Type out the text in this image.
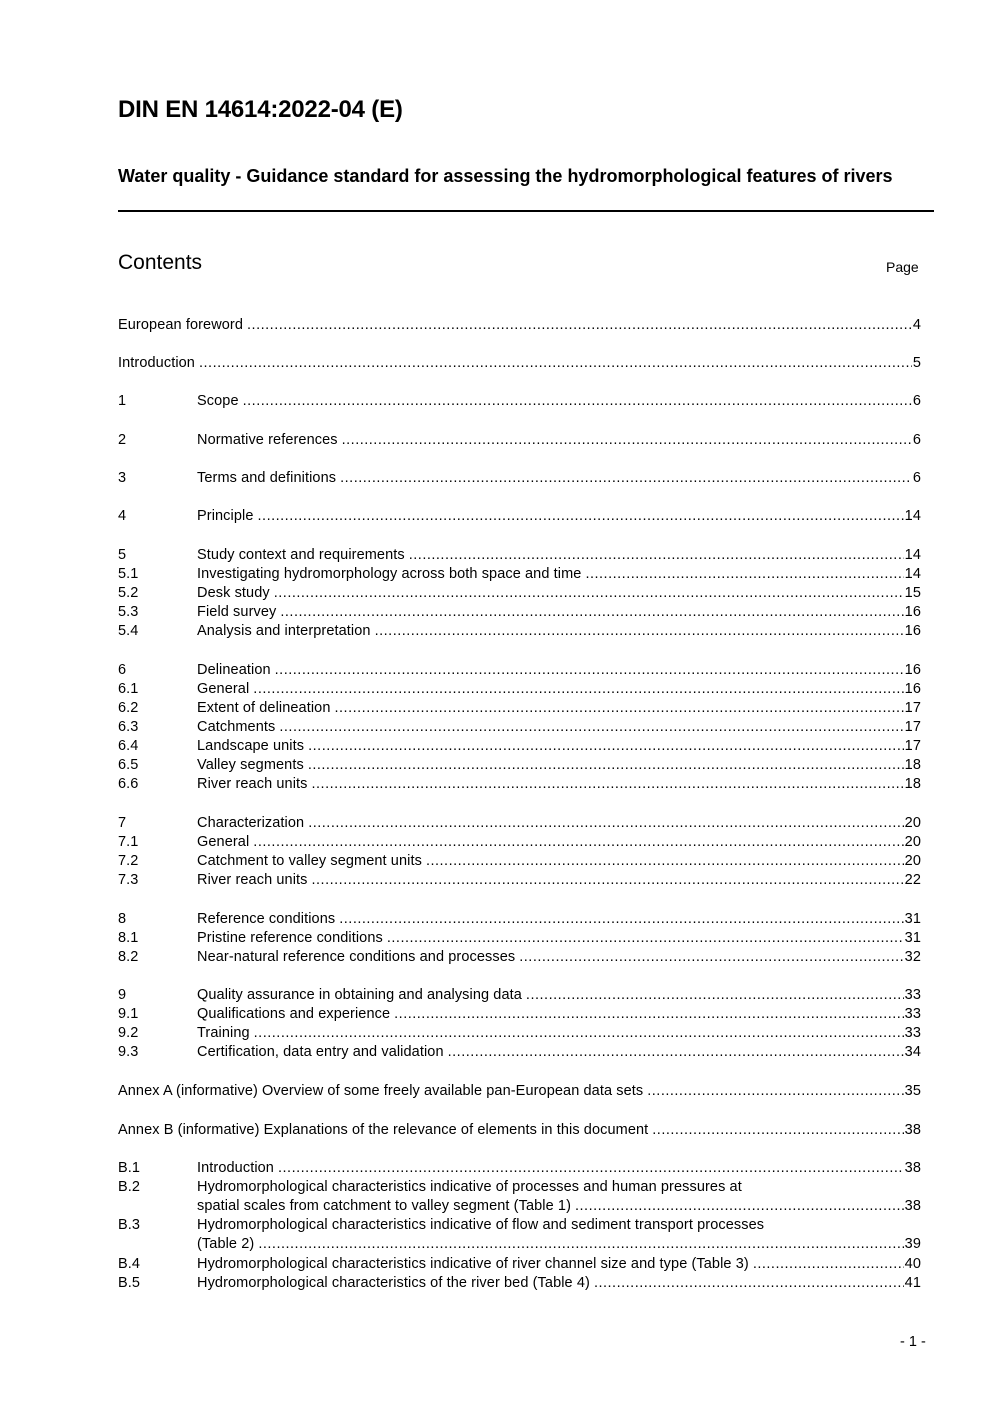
DIN EN 14614:2022-04 (E)
Water quality - Guidance standard for assessing the hydromorphological features of rivers
Contents	Page
European foreword .....	4
Introduction .....	5
1	Scope .....	6
2	Normative references .....	6
3	Terms and definitions .....	6
4	Principle .....	14
5	Study context and requirements .....	14
5.1	Investigating hydromorphology across both space and time .....	14
5.2	Desk study .....	15
5.3	Field survey .....	16
5.4	Analysis and interpretation .....	16
6	Delineation .....	16
6.1	General .....	16
6.2	Extent of delineation .....	17
6.3	Catchments .....	17
6.4	Landscape units .....	17
6.5	Valley segments .....	18
6.6	River reach units .....	18
7	Characterization .....	20
7.1	General .....	20
7.2	Catchment to valley segment units .....	20
7.3	River reach units .....	22
8	Reference conditions .....	31
8.1	Pristine reference conditions .....	31
8.2	Near-natural reference conditions and processes .....	32
9	Quality assurance in obtaining and analysing data .....	33
9.1	Qualifications and experience .....	33
9.2	Training .....	33
9.3	Certification, data entry and validation .....	34
Annex A (informative) Overview of some freely available pan-European data sets .....	35
Annex B (informative) Explanations of the relevance of elements in this document .....	38
B.1	Introduction .....	38
B.2	Hydromorphological characteristics indicative of processes and human pressures at
spatial scales from catchment to valley segment (Table 1) .....	38
B.3	Hydromorphological characteristics indicative of flow and sediment transport processes
(Table 2) .....	39
B.4	Hydromorphological characteristics indicative of river channel size and type (Table 3) .....	40
B.5	Hydromorphological characteristics of the river bed (Table 4) .....	41
- 1 -
